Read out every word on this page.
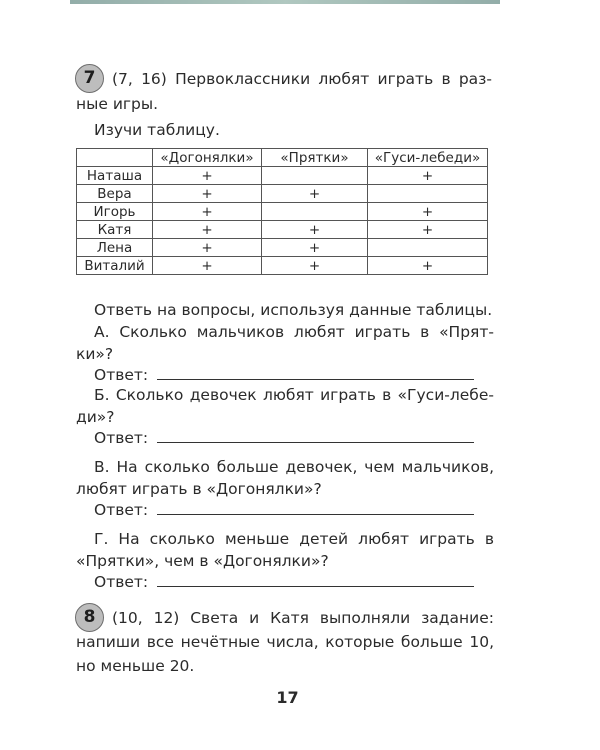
7	(7, 16) Первоклассники любят играть в раз-
ные игры.
Изучи таблицу.
	«Догонялки»	«Прятки»	«Гуси-лебеди»
Наташа	+		+
Вера	+	+	
Игорь	+		+
Катя	+	+	+
Лена	+	+	
Виталий	+	+	+
Ответь на вопросы, используя данные таблицы.
А. Сколько мальчиков любят играть в «Прят-
ки»?
Ответ:
Б. Сколько девочек любят играть в «Гуси-лебе-
ди»?
Ответ:
В. На сколько больше девочек, чем мальчиков,
любят играть в «Догонялки»?
Ответ:
Г. На сколько меньше детей любят играть в
«Прятки», чем в «Догонялки»?
Ответ:
8	(10, 12) Света и Катя выполняли задание:
напиши все нечётные числа, которые больше 10,
но меньше 20.
17
